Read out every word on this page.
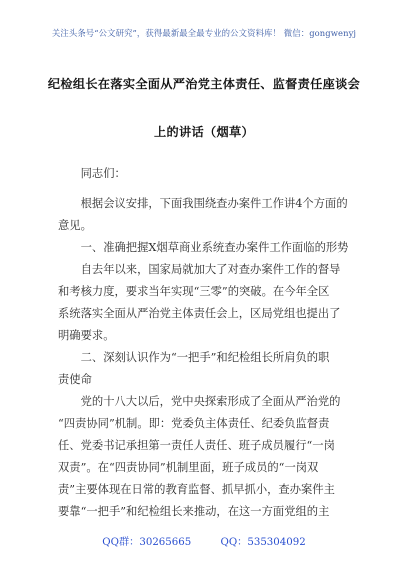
关注头条号“公文研究”，获得最新最全最专业的公文资料库！ 微信：gongwenyj
纪检组长在落实全面从严治党主体责任、监督责任座谈会
上的讲话（烟草）
　　同志们：
　　根据会议安排，下面我围绕查办案件工作讲4个方面的
意见。
　　一、准确把握X烟草商业系统查办案件工作面临的形势
　　自去年以来，国家局就加大了对查办案件工作的督导
和考核力度，要求当年实现“三零”的突破。在今年全区
系统落实全面从严治党主体责任会上，区局党组也提出了
明确要求。
　　二、深刻认识作为“一把手”和纪检组长所肩负的职
责使命
　　党的十八大以后，党中央探索形成了全面从严治党的
“四责协同”机制。即：党委负主体责任、纪委负监督责
任、党委书记承担第一责任人责任、班子成员履行“一岗
双责”。在“四责协同”机制里面，班子成员的“一岗双
责”主要体现在日常的教育监督、抓早抓小，查办案件主
要靠“一把手”和纪检组长来推动，在这一方面党组的主
QQ群：30265665	QQ：535304092
